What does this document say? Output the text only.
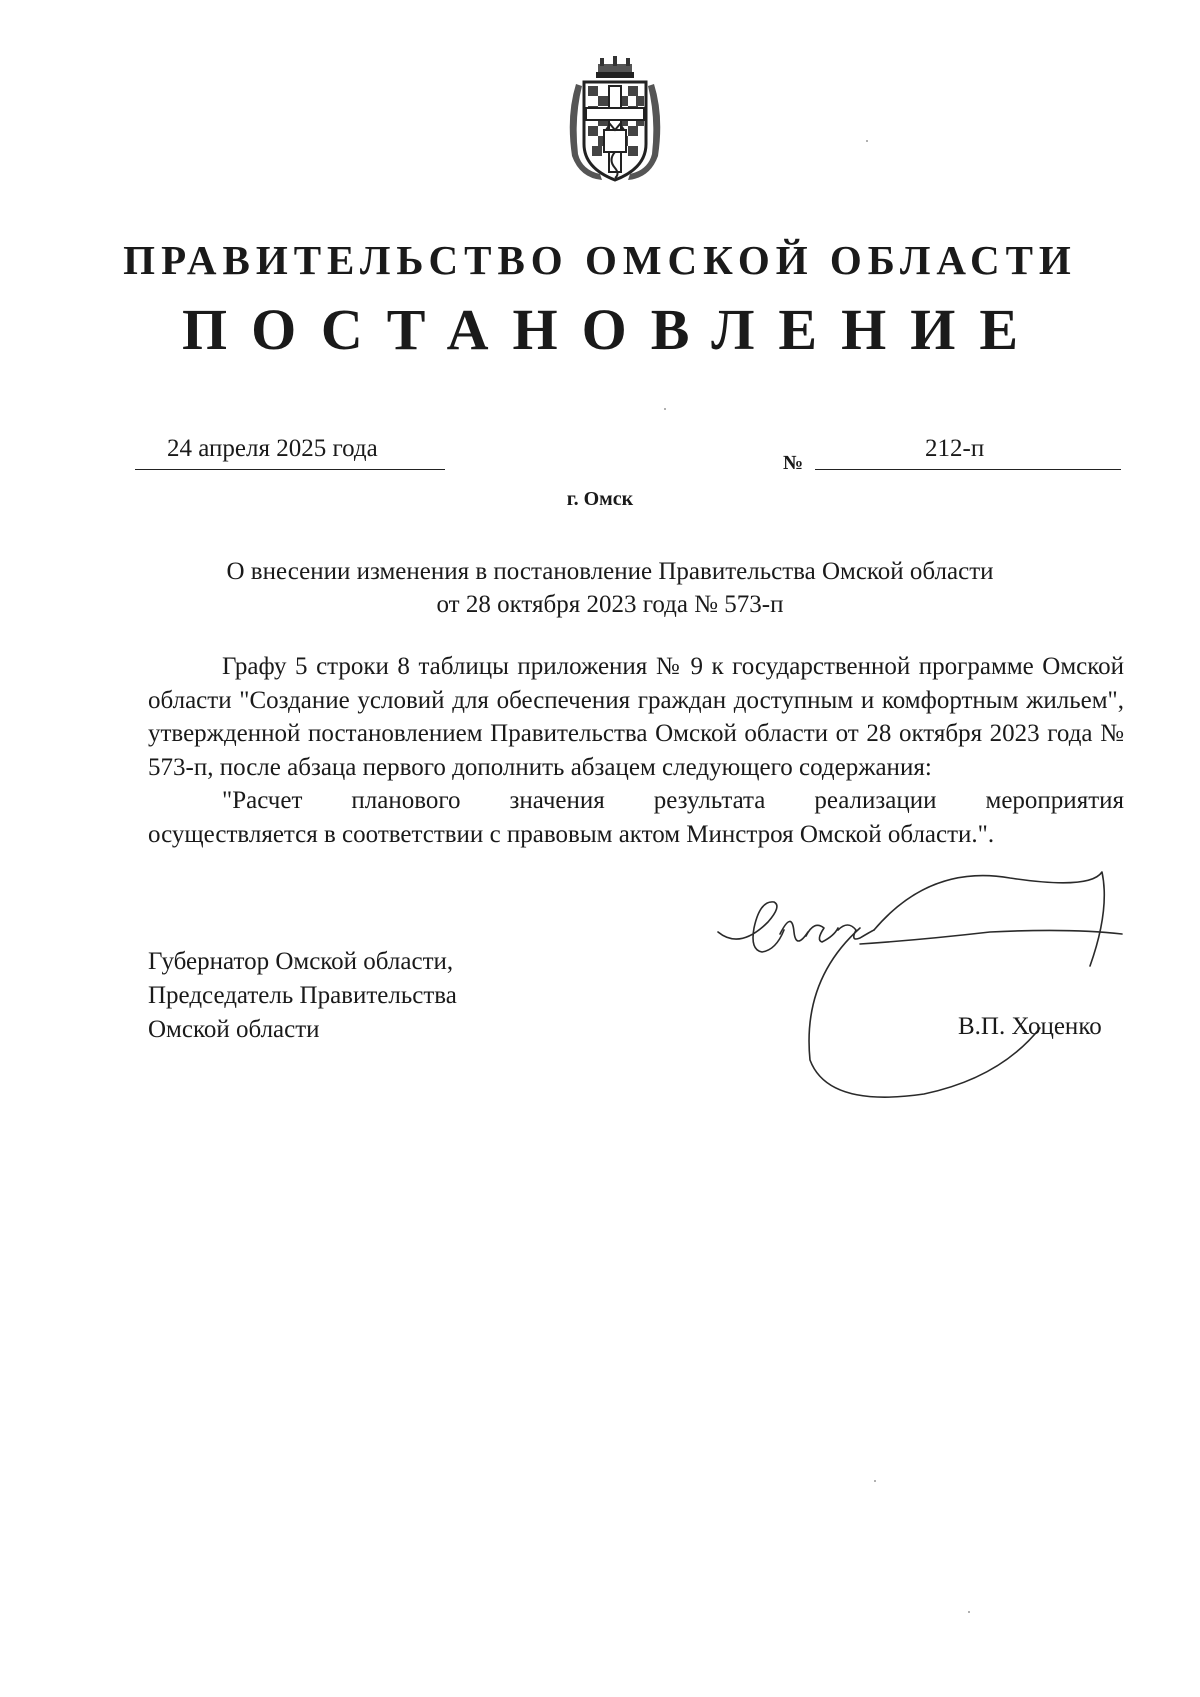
ПРАВИТЕЛЬСТВО ОМСКОЙ ОБЛАСТИ
ПОСТАНОВЛЕНИЕ
24 апреля 2025 года
№
212-п
г. Омск
О внесении изменения в постановление Правительства Омской области
от 28 октября 2023 года № 573-п

Графу 5 строки 8 таблицы приложения № 9 к государственной программе Омской области "Создание условий для обеспечения граждан доступным и комфортным жильем", утвержденной постановлением Правительства Омской области от 28 октября 2023 года № 573-п, после абзаца первого дополнить абзацем следующего содержания:

"Расчет планового значения результата реализации мероприятия

осуществляется в соответствии с правовым актом Минстроя Омской области.".

Губернатор Омской области,
Председатель Правительства
Омской области	В.П. Хоценко
